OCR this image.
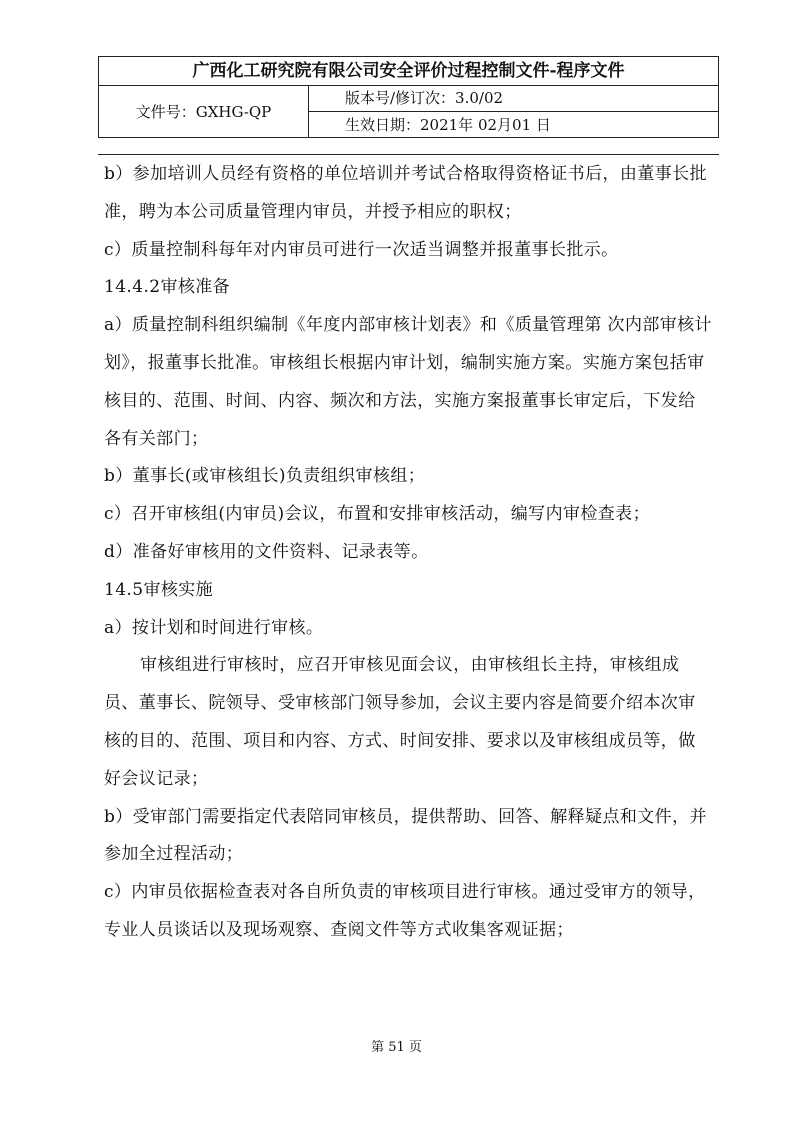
广西化工研究院有限公司安全评价过程控制文件-程序文件
文件号：GXHG-QP
版本号/修订次：3.0/02
生效日期：2021年 02月01 日

b）参加培训人员经有资格的单位培训并考试合格取得资格证书后，由董事长批准，聘为本公司质量管理内审员，并授予相应的职权；

c）质量控制科每年对内审员可进行一次适当调整并报董事长批示。

14.4.2审核准备

a）质量控制科组织编制《年度内部审核计划表》和《质量管理第 次内部审核计划》，报董事长批准。审核组长根据内审计划，编制实施方案。实施方案包括审核目的、范围、时间、内容、频次和方法，实施方案报董事长审定后，下发给各有关部门；

b）董事长(或审核组长)负责组织审核组；

c）召开审核组(内审员)会议，布置和安排审核活动，编写内审检查表；

d）准备好审核用的文件资料、记录表等。

14.5审核实施

a）按计划和时间进行审核。

审核组进行审核时，应召开审核见面会议，由审核组长主持，审核组成员、董事长、院领导、受审核部门领导参加，会议主要内容是简要介绍本次审核的目的、范围、项目和内容、方式、时间安排、要求以及审核组成员等，做好会议记录；

b）受审部门需要指定代表陪同审核员，提供帮助、回答、解释疑点和文件，并参加全过程活动；

c）内审员依据检查表对各自所负责的审核项目进行审核。通过受审方的领导，专业人员谈话以及现场观察、查阅文件等方式收集客观证据；

第 51 页
